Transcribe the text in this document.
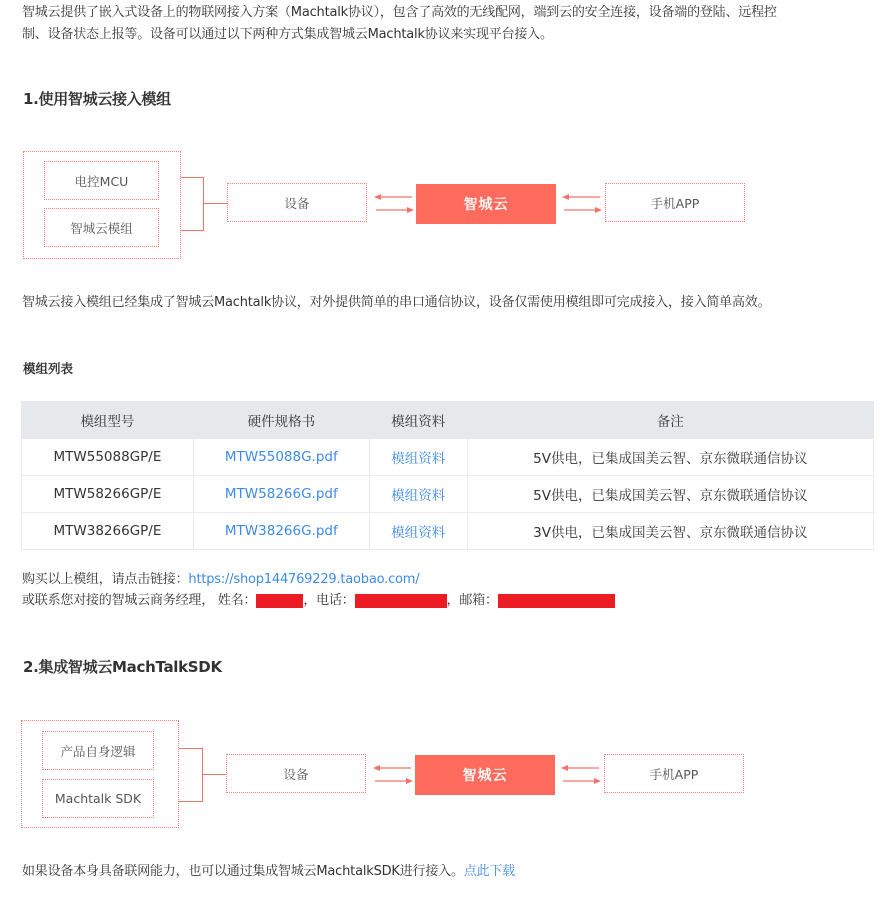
智城云提供了嵌入式设备上的物联网接入方案（Machtalk协议），包含了高效的无线配网，端到云的安全连接，设备端的登陆、远程控
制、设备状态上报等。设备可以通过以下两种方式集成智城云Machtalk协议来实现平台接入。
1.使用智城云接入模组
电控MCU
智城云模组
设备	智城云	手机APP
智城云接入模组已经集成了智城云Machtalk协议，对外提供简单的串口通信协议，设备仅需使用模组即可完成接入，接入简单高效。
模组列表
模组型号	硬件规格书	模组资料	备注
MTW55088GP/E	MTW55088G.pdf	模组资料	5V供电，已集成国美云智、京东微联通信协议
MTW58266GP/E	MTW58266G.pdf	模组资料	5V供电，已集成国美云智、京东微联通信协议
MTW38266GP/E	MTW38266G.pdf	模组资料	3V供电，已集成国美云智、京东微联通信协议
购买以上模组，请点击链接：https://shop144769229.taobao.com/
或联系您对接的智城云商务经理， 姓名：	，电话：	，邮箱：
2.集成智城云MachTalkSDK
产品自身逻辑
Machtalk SDK
设备	智城云	手机APP
如果设备本身具备联网能力，也可以通过集成智城云MachtalkSDK进行接入。点此下载
